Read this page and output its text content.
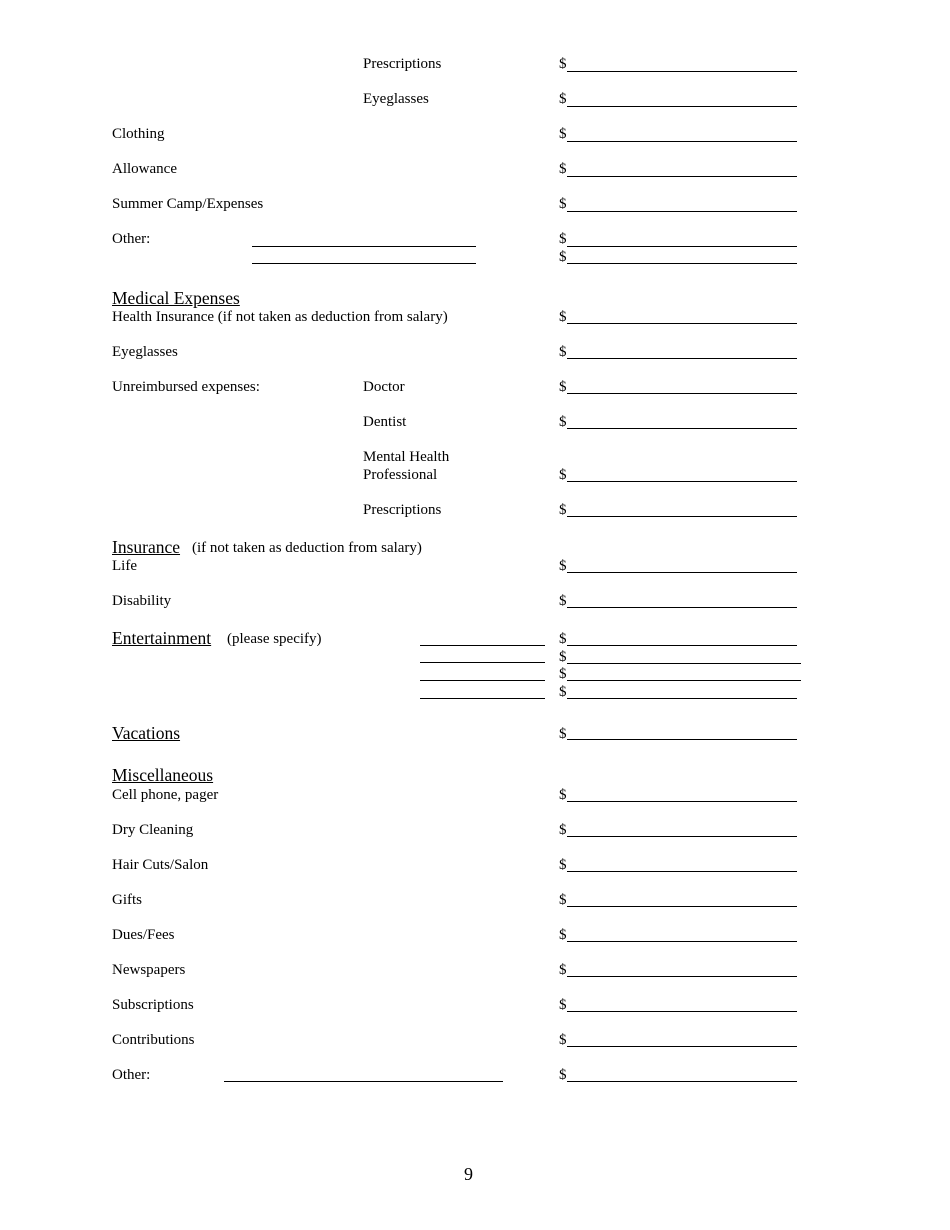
Prescriptions	$
Eyeglasses	$
Clothing	$
Allowance	$
Summer Camp/Expenses	$
Other:	$
$
Medical Expenses
Health Insurance (if not taken as deduction from salary)	$
Eyeglasses	$
Unreimbursed expenses:	Doctor	$
Dentist	$
Mental Health
Professional	$
Prescriptions	$
Insurance (if not taken as deduction from salary)
Life	$
Disability	$
Entertainment (please specify)	$
$
$
$
Vacations	$
Miscellaneous
Cell phone, pager	$
Dry Cleaning	$
Hair Cuts/Salon	$
Gifts	$
Dues/Fees	$
Newspapers	$
Subscriptions	$
Contributions	$
Other:	$
9
